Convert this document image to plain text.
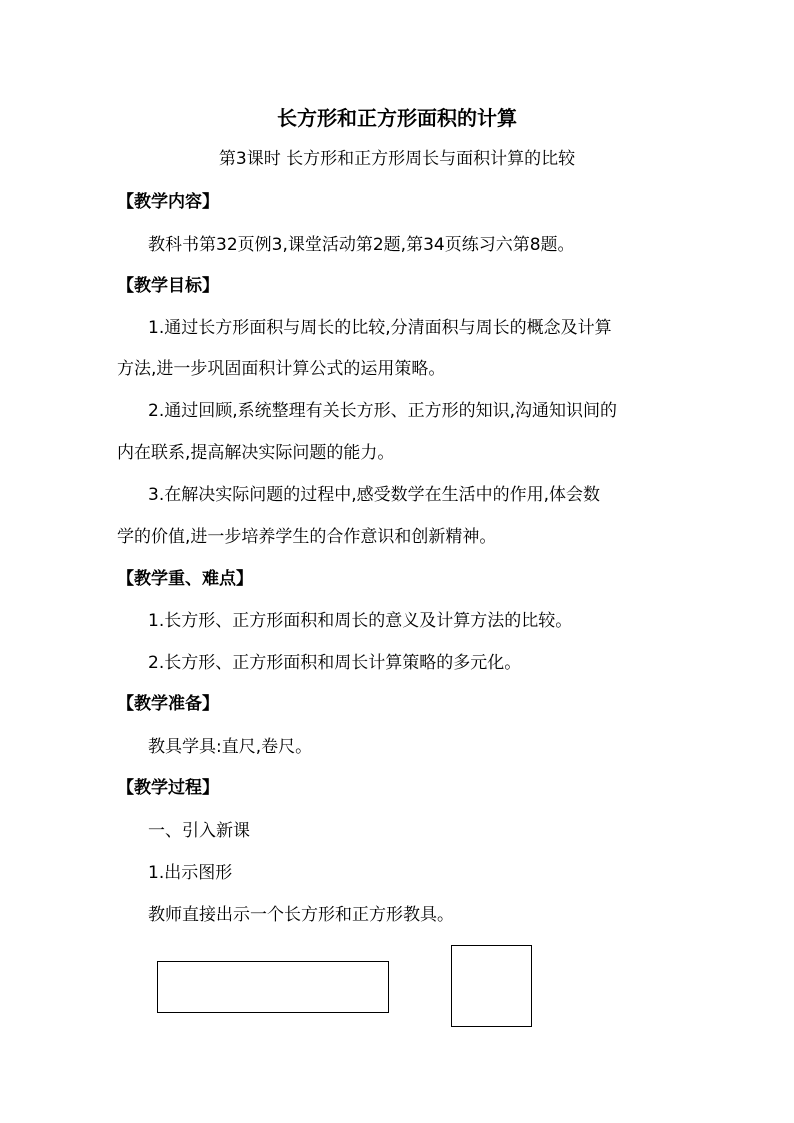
长方形和正方形面积的计算
第3课时 长方形和正方形周长与面积计算的比较
【教学内容】
教科书第32页例3,课堂活动第2题,第34页练习六第8题。
【教学目标】
1.通过长方形面积与周长的比较,分清面积与周长的概念及计算
方法,进一步巩固面积计算公式的运用策略。
2.通过回顾,系统整理有关长方形、正方形的知识,沟通知识间的
内在联系,提高解决实际问题的能力。
3.在解决实际问题的过程中,感受数学在生活中的作用,体会数
学的价值,进一步培养学生的合作意识和创新精神。
【教学重、难点】
1.长方形、正方形面积和周长的意义及计算方法的比较。
2.长方形、正方形面积和周长计算策略的多元化。
【教学准备】
教具学具:直尺,卷尺。
【教学过程】
一、引入新课
1.出示图形
教师直接出示一个长方形和正方形教具。
